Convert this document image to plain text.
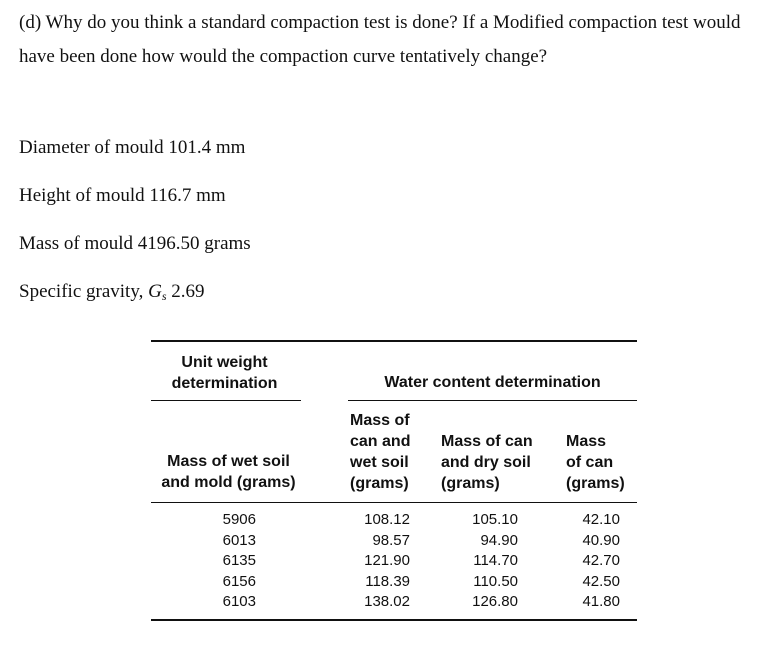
(d) Why do you think a standard compaction test is done? If a Modified compaction test would have been done how would the compaction curve tentatively change?
Diameter of mould 101.4 mm
Height of mould 116.7 mm
Mass of mould 4196.50 grams
Specific gravity, $G_s$ 2.69
Unit weight
determination	Water content determination
Mass of wet soil
and mold (grams)
Mass of
can and
wet soil
(grams)
Mass of can
and dry soil
(grams)
Mass
of can
(grams)
5906
6013
6135
6156
6103
108.12
98.57
121.90
118.39
138.02
105.10
94.90
114.70
110.50
126.80
42.10
40.90
42.70
42.50
41.80
